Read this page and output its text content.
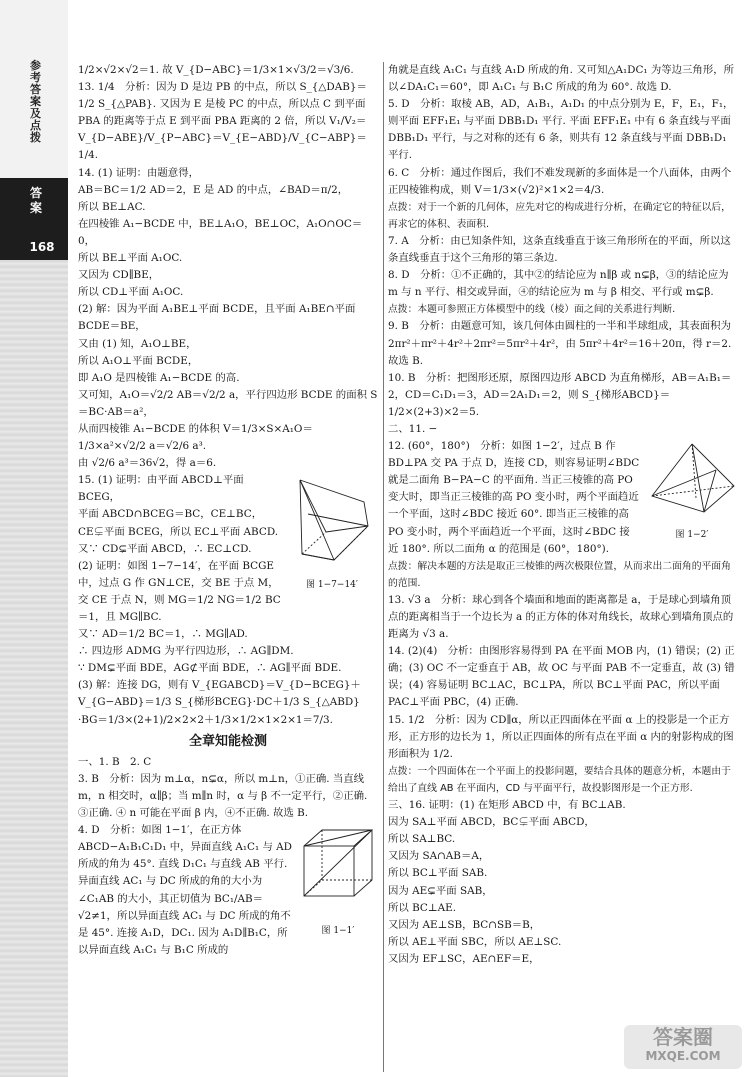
参考答案及点拨
答案
168

1/2×√2×√2＝1. 故 V_{D−ABC}＝1/3×1×√3/2＝√3/6.

13. 1/4　分析：因为 D 是边 PB 的中点，所以 S_{△DAB}＝1/2 S_{△PAB}. 又因为 E 是棱 PC 的中点，所以点 C 到平面 PBA 的距离等于点 E 到平面 PBA 距离的 2 倍，所以 V₁/V₂＝V_{D−ABE}/V_{P−ABC}＝V_{E−ABD}/V_{C−ABP}＝1/4.

14. (1) 证明：由题意得，

AB＝BC＝1/2 AD＝2，E 是 AD 的中点，∠BAD＝π/2，

所以 BE⊥AC.

在四棱锥 A₁−BCDE 中，BE⊥A₁O，BE⊥OC，A₁O∩OC＝0，

所以 BE⊥平面 A₁OC.

又因为 CD∥BE，

所以 CD⊥平面 A₁OC.

(2) 解：因为平面 A₁BE⊥平面 BCDE，且平面 A₁BE∩平面 BCDE＝BE，

又由 (1) 知，A₁O⊥BE，

所以 A₁O⊥平面 BCDE，

即 A₁O 是四棱锥 A₁−BCDE 的高.

又可知，A₁O＝√2/2 AB＝√2/2 a，平行四边形 BCDE 的面积 S＝BC·AB＝a²，

从而四棱锥 A₁−BCDE 的体积 V＝1/3×S×A₁O＝1/3×a²×√2/2 a＝√2/6 a³.

由 √2/6 a³＝36√2，得 a＝6.

图 1−7−14′

15. (1) 证明：由平面 ABCD⊥平面 BCEG，

平面 ABCD∩BCEG＝BC，CE⊥BC，CE⊊平面 BCEG，所以 EC⊥平面 ABCD.

又∵ CD⊊平面 ABCD，∴ EC⊥CD.

(2) 证明：如图 1−7−14′，在平面 BCGE 中，过点 G 作 GN⊥CE，交 BE 于点 M，交 CE 于点 N，则 MG＝1/2 NG＝1/2 BC＝1，且 MG∥BC.

又∵ AD＝1/2 BC＝1，∴ MG∥AD.

∴ 四边形 ADMG 为平行四边形，∴ AG∥DM.

∵ DM⊊平面 BDE，AG⊄平面 BDE，∴ AG∥平面 BDE.

(3) 解：连接 DG，则有 V_{EGABCD}＝V_{D−BCEG}＋V_{G−ABD}＝1/3 S_{梯形BCEG}·DC＋1/3 S_{△ABD}·BG＝1/3×(2+1)/2×2×2＋1/3×1/2×1×2×1＝7/3.

全章知能检测

一、1. B　2. C

3. B　分析：因为 m⊥α，n⊊α，所以 m⊥n，①正确. 当直线 m，n 相交时，α∥β；当 m∥n 时，α 与 β 不一定平行，②正确. ③正确. ④ n 可能在平面 β 内，④不正确. 故选 B.

图 1−1′

4. D　分析：如图 1−1′，在正方体 ABCD−A₁B₁C₁D₁ 中，异面直线 A₁C₁ 与 AD 所成的角为 45°. 直线 D₁C₁ 与直线 AB 平行. 异面直线 AC₁ 与 DC 所成的角的大小为∠C₁AB 的大小，其正切值为 BC₁/AB＝√2≠1，所以异面直线 AC₁ 与 DC 所成的角不是 45°. 连接 A₁D，DC₁. 因为 A₁D∥B₁C，所以异面直线 A₁C₁ 与 B₁C 所成的

角就是直线 A₁C₁ 与直线 A₁D 所成的角. 又可知△A₁DC₁ 为等边三角形，所以∠DA₁C₁＝60°，即 A₁C₁ 与 B₁C 所成的角为 60°. 故选 D.

5. D　分析：取棱 AB，AD，A₁B₁，A₁D₁ 的中点分别为 E，F，E₁，F₁，则平面 EFF₁E₁ 与平面 DBB₁D₁ 平行. 平面 EFF₁E₁ 中有 6 条直线与平面 DBB₁D₁ 平行，与之对称的还有 6 条，则共有 12 条直线与平面 DBB₁D₁ 平行.

6. C　分析：通过作图后，我们不难发现新的多面体是一个八面体，由两个正四棱锥构成，则 V＝1/3×(√2)²×1×2＝4/3.

点拨：对于一个新的几何体，应先对它的构成进行分析，在确定它的特征以后，再求它的体积、表面积.

7. A　分析：由已知条件知，这条直线垂直于该三角形所在的平面，所以这条直线垂直于这个三角形的第三条边.

8. D　分析：①不正确的，其中②的结论应为 n∥β 或 n⊊β，③的结论应为 m 与 n 平行、相交或异面，④的结论应为 m 与 β 相交、平行或 m⊊β.

点拨：本题可参照正方体模型中的线（棱）面之间的关系进行判断.

9. B　分析：由题意可知，该几何体由圆柱的一半和半球组成，其表面积为 2πr²＋πr²＋4r²＋2πr²＝5πr²＋4r²，由 5πr²＋4r²＝16＋20π，得 r＝2. 故选 B.

10. B　分析：把图形还原，原图四边形 ABCD 为直角梯形，AB＝A₁B₁＝2，CD＝C₁D₁＝3，AD＝2A₁D₁＝2，则 S_{梯形ABCD}＝1/2×(2+3)×2＝5.

二、11. −

图 1−2′

12. (60°，180°)　分析：如图 1−2′，过点 B 作 BD⊥PA 交 PA 于点 D，连接 CD，则容易证明∠BDC 就是二面角 B−PA−C 的平面角. 当正三棱锥的高 PO 变大时，即当正三棱锥的高 PO 变小时，两个平面趋近一个平面，这时∠BDC 接近 60°. 即当正三棱锥的高 PO 变小时，两个平面趋近一个平面，这时∠BDC 接近 180°. 所以二面角 α 的范围是 (60°，180°).

点拨：解决本题的方法是取正三棱锥的两次极限位置，从而求出二面角的平面角的范围.

13. √3 a　分析：球心到各个墙面和地面的距离都是 a，于是球心到墙角顶点的距离相当于一个边长为 a 的正方体的体对角线长，故球心到墙角顶点的距离为 √3 a.

14. (2)(4)　分析：由图形容易得到 PA 在平面 MOB 内，(1) 错误；(2) 正确；(3) OC 不一定垂直于 AB，故 OC 与平面 PAB 不一定垂直，故 (3) 错误；(4) 容易证明 BC⊥AC，BC⊥PA，所以 BC⊥平面 PAC，所以平面 PAC⊥平面 PBC，(4) 正确.

15. 1/2　分析：因为 CD∥α，所以正四面体在平面 α 上的投影是一个正方形，正方形的边长为 1，所以正四面体的所有点在平面 α 内的射影构成的图形面积为 1/2.

点拨：一个四面体在一个平面上的投影问题，要结合具体的题意分析，本题由于给出了直线 AB 在平面内，CD 与平面平行，故投影图形是一个正方形.

三、16. 证明：(1) 在矩形 ABCD 中，有 BC⊥AB.

因为 SA⊥平面 ABCD，BC⊊平面 ABCD，

所以 SA⊥BC.

又因为 SA∩AB＝A，

所以 BC⊥平面 SAB.

因为 AE⊊平面 SAB，

所以 BC⊥AE.

又因为 AE⊥SB，BC∩SB＝B，

所以 AE⊥平面 SBC，所以 AE⊥SC.

又因为 EF⊥SC，AE∩EF＝E，

答案圈
MXQE.COM
